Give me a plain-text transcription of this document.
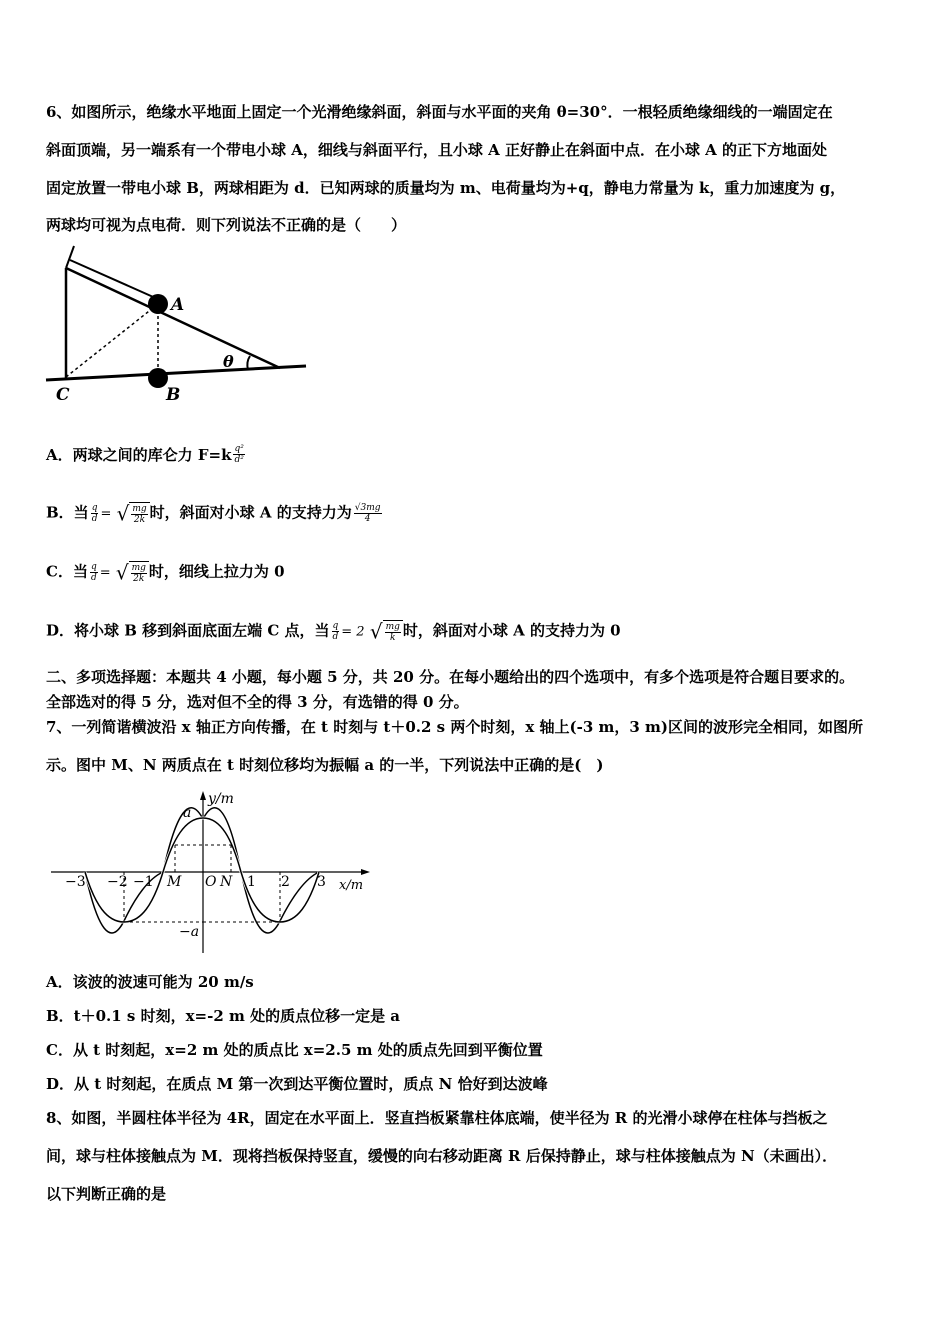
6、如图所示，绝缘水平地面上固定一个光滑绝缘斜面，斜面与水平面的夹角 θ=30°．一根轻质绝缘细线的一端固定在
斜面顶端，另一端系有一个带电小球 A，细线与斜面平行，且小球 A 正好静止在斜面中点．在小球 A 的正下方地面处
固定放置一带电小球 B，两球相距为 d．已知两球的质量均为 m、电荷量均为+q，静电力常量为 k，重力加速度为 g，
两球均可视为点电荷．则下列说法不正确的是（　　）
A
B
C
θ
A．两球之间的库仑力 $F=k \frac{\text{q²}}{\text{d²}}$
B．当 $\frac{q}{d}$ = √ $\frac{mg}{2k}$ 时，斜面对小球 A 的支持力为 $\frac{√3mg}{4}$
C．当 $\frac{q}{d}$ = √ $\frac{mg}{2k}$ 时，细线上拉力为 0
D．将小球 B 移到斜面底面左端 C 点，当 $\frac{q}{d} = 2$ √ $\frac{mg}{k}$ 时，斜面对小球 A 的支持力为 0
二、多项选择题：本题共 4 小题，每小题 5 分，共 20 分。在每小题给出的四个选项中，有多个选项是符合题目要求的。
全部选对的得 5 分，选对但不全的得 3 分，有选错的得 0 分。
7、一列简谐横波沿 x 轴正方向传播，在 t 时刻与 t＋0.2 s 两个时刻，x 轴上(-3 m，3 m)区间的波形完全相同，如图所
示。图中 M、N 两质点在 t 时刻位移均为振幅 a 的一半，下列说法中正确的是(　)
y/m
x/m
a
−a
−3 −2 −1 M O N 1 2 3
A．该波的波速可能为 20 m/s
B．t＋0.1 s 时刻，x=-2 m 处的质点位移一定是 a
C．从 t 时刻起，x=2 m 处的质点比 x=2.5 m 处的质点先回到平衡位置
D．从 t 时刻起，在质点 M 第一次到达平衡位置时，质点 N 恰好到达波峰
8、如图，半圆柱体半径为 4R，固定在水平面上．竖直挡板紧靠柱体底端，使半径为 R 的光滑小球停在柱体与挡板之
间，球与柱体接触点为 M．现将挡板保持竖直，缓慢的向右移动距离 R 后保持静止，球与柱体接触点为 N（未画出）．
以下判断正确的是
